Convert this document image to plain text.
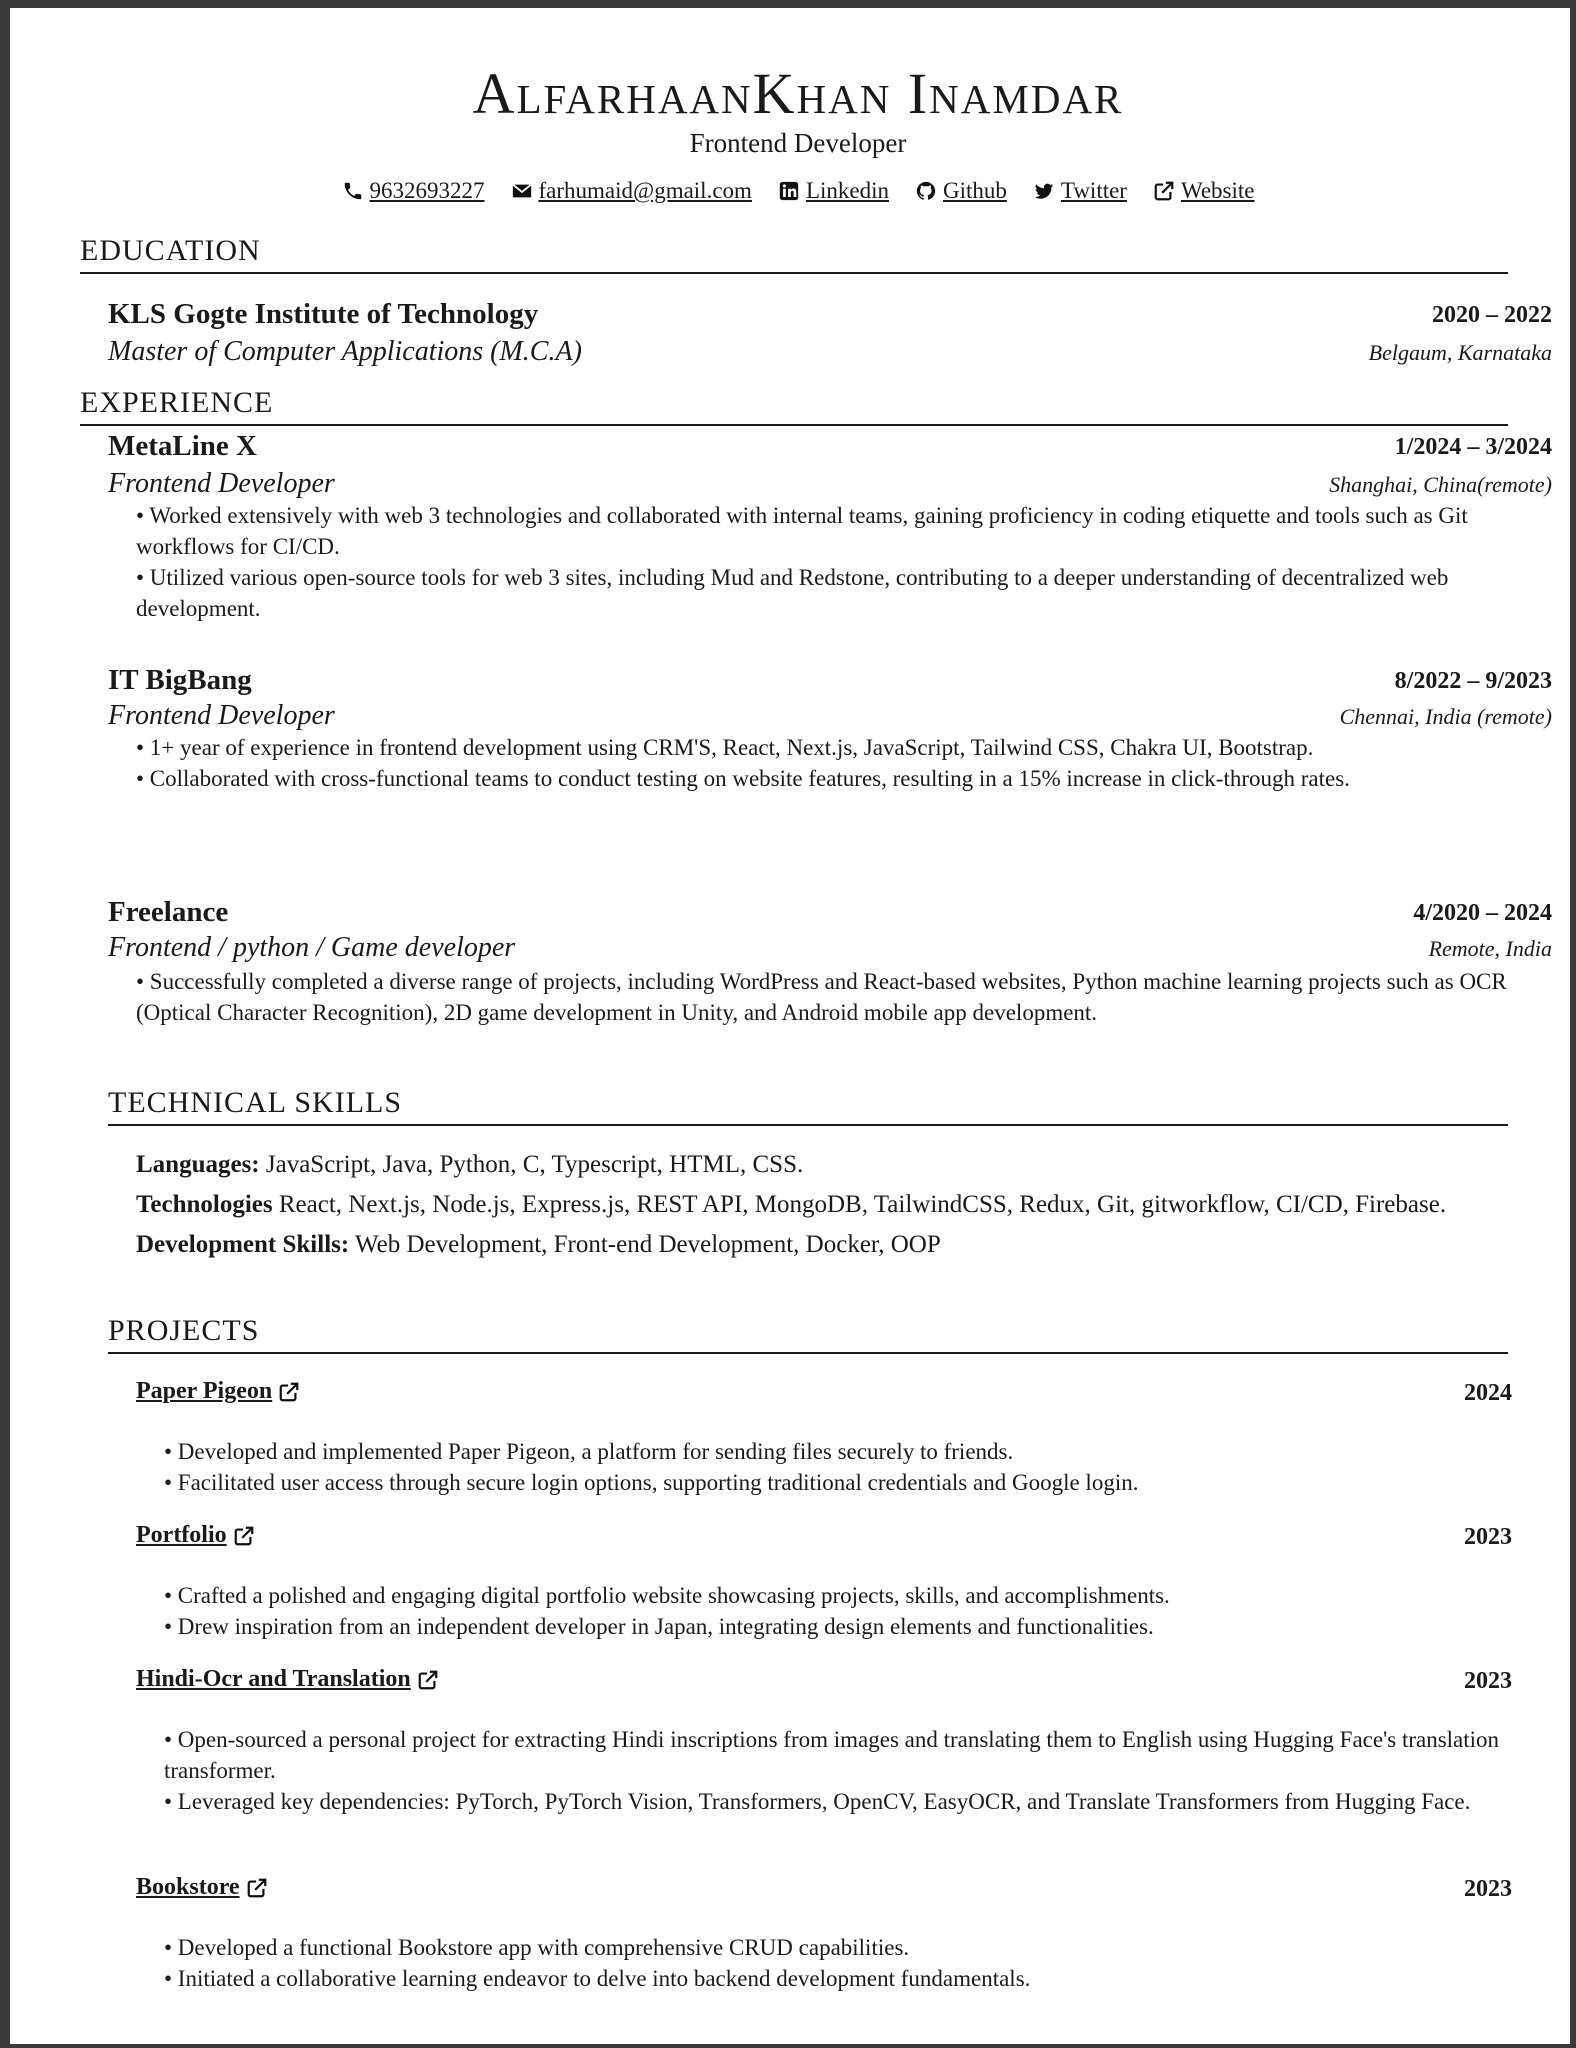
AlfarhaanKhan Inamdar
Frontend Developer
9632693227 farhumaid@gmail.com Linkedin Github Twitter Website
EDUCATION
KLS Gogte Institute of Technology	2020 – 2022
Master of Computer Applications (M.C.A)	Belgaum, Karnataka
EXPERIENCE
MetaLine X	1/2024 – 3/2024
Frontend Developer	Shanghai, China(remote)

• Worked extensively with web 3 technologies and collaborated with internal teams, gaining proficiency in coding etiquette and tools such as Git workflows for CI/CD.

• Utilized various open-source tools for web 3 sites, including Mud and Redstone, contributing to a deeper understanding of decentralized web development.

IT BigBang	8/2022 – 9/2023
Frontend Developer	Chennai, India (remote)

• 1+ year of experience in frontend development using CRM'S, React, Next.js, JavaScript, Tailwind CSS, Chakra UI, Bootstrap.

• Collaborated with cross-functional teams to conduct testing on website features, resulting in a 15% increase in click-through rates.

Freelance	4/2020 – 2024
Frontend / python / Game developer	Remote, India

• Successfully completed a diverse range of projects, including WordPress and React-based websites, Python machine learning projects such as OCR (Optical Character Recognition), 2D game development in Unity, and Android mobile app development.

TECHNICAL SKILLS

Languages: JavaScript, Java, Python, C, Typescript, HTML, CSS.

Technologies React, Next.js, Node.js, Express.js, REST API, MongoDB, TailwindCSS, Redux, Git, gitworkflow, CI/CD, Firebase.

Development Skills: Web Development, Front-end Development, Docker, OOP

PROJECTS
Paper Pigeon	2024

• Developed and implemented Paper Pigeon, a platform for sending files securely to friends.

• Facilitated user access through secure login options, supporting traditional credentials and Google login.

Portfolio	2023

• Crafted a polished and engaging digital portfolio website showcasing projects, skills, and accomplishments.

• Drew inspiration from an independent developer in Japan, integrating design elements and functionalities.

Hindi-Ocr and Translation	2023

• Open-sourced a personal project for extracting Hindi inscriptions from images and translating them to English using Hugging Face's translation transformer.

• Leveraged key dependencies: PyTorch, PyTorch Vision, Transformers, OpenCV, EasyOCR, and Translate Transformers from Hugging Face.

Bookstore	2023

• Developed a functional Bookstore app with comprehensive CRUD capabilities.

• Initiated a collaborative learning endeavor to delve into backend development fundamentals.
